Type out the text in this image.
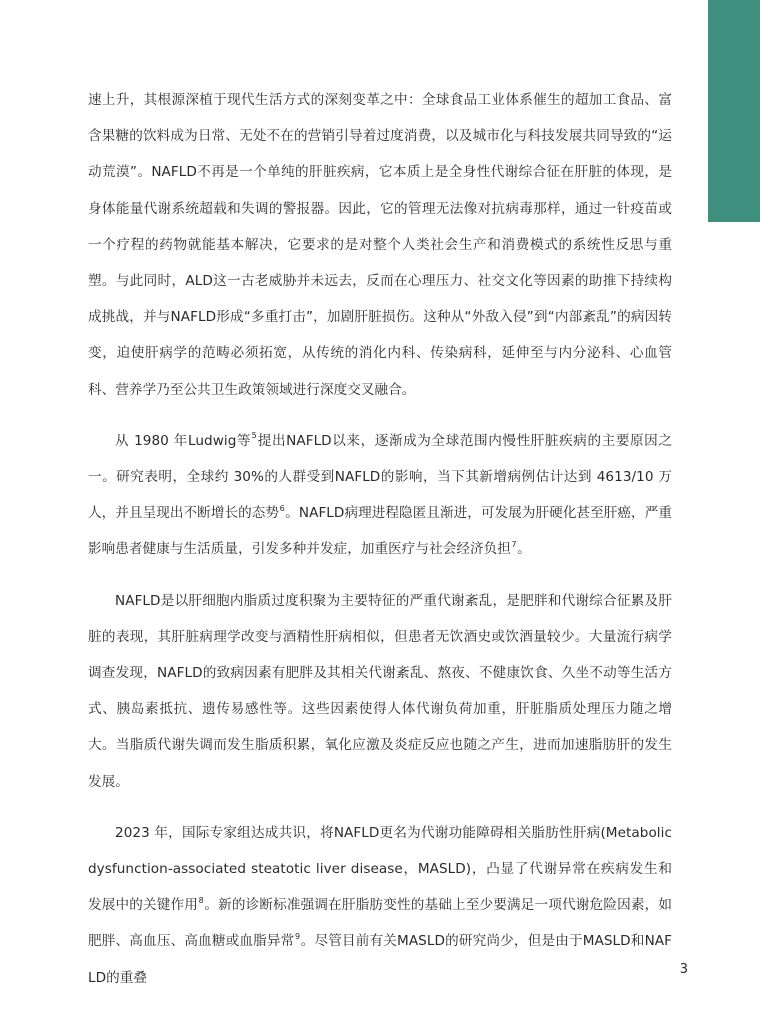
速上升，其根源深植于现代生活方式的深刻变革之中：全球食品工业体系催生的超加工食品、富含果糖的饮料成为日常、无处不在的营销引导着过度消费，以及城市化与科技发展共同导致的“运动荒漠”。NAFLD不再是一个单纯的肝脏疾病，它本质上是全身性代谢综合征在肝脏的体现，是身体能量代谢系统超载和失调的警报器。因此，它的管理无法像对抗病毒那样，通过一针疫苗或一个疗程的药物就能基本解决，它要求的是对整个人类社会生产和消费模式的系统性反思与重塑。与此同时，ALD这一古老威胁并未远去，反而在心理压力、社交文化等因素的助推下持续构成挑战，并与NAFLD形成“多重打击”，加剧肝脏损伤。这种从“外敌入侵”到“内部紊乱”的病因转变，迫使肝病学的范畴必须拓宽，从传统的消化内科、传染病科，延伸至与内分泌科、心血管科、营养学乃至公共卫生政策领域进行深度交叉融合。

从 1980 年Ludwig等$^5$提出NAFLD以来，逐渐成为全球范围内慢性肝脏疾病的主要原因之一。研究表明，全球约 30%的人群受到NAFLD的影响，当下其新增病例估计达到 4613/10 万人，并且呈现出不断增长的态势$^6$。NAFLD病理进程隐匿且渐进，可发展为肝硬化甚至肝癌，严重影响患者健康与生活质量，引发多种并发症，加重医疗与社会经济负担$^7$。

NAFLD是以肝细胞内脂质过度积聚为主要特征的严重代谢紊乱，是肥胖和代谢综合征累及肝脏的表现，其肝脏病理学改变与酒精性肝病相似，但患者无饮酒史或饮酒量较少。大量流行病学调查发现，NAFLD的致病因素有肥胖及其相关代谢紊乱、熬夜、不健康饮食、久坐不动等生活方式、胰岛素抵抗、遗传易感性等。这些因素使得人体代谢负荷加重，肝脏脂质处理压力随之增大。当脂质代谢失调而发生脂质积累，氧化应激及炎症反应也随之产生，进而加速脂肪肝的发生发展。

2023 年，国际专家组达成共识，将NAFLD更名为代谢功能障碍相关脂肪性肝病(Metabolic dysfunction-associated steatotic liver disease，MASLD)，凸显了代谢异常在疾病发生和发展中的关键作用$^8$。新的诊断标准强调在肝脂肪变性的基础上至少要满足一项代谢危险因素，如肥胖、高血压、高血糖或血脂异常$^9$。尽管目前有关MASLD的研究尚少，但是由于MASLD和NAFLD的重叠

3
